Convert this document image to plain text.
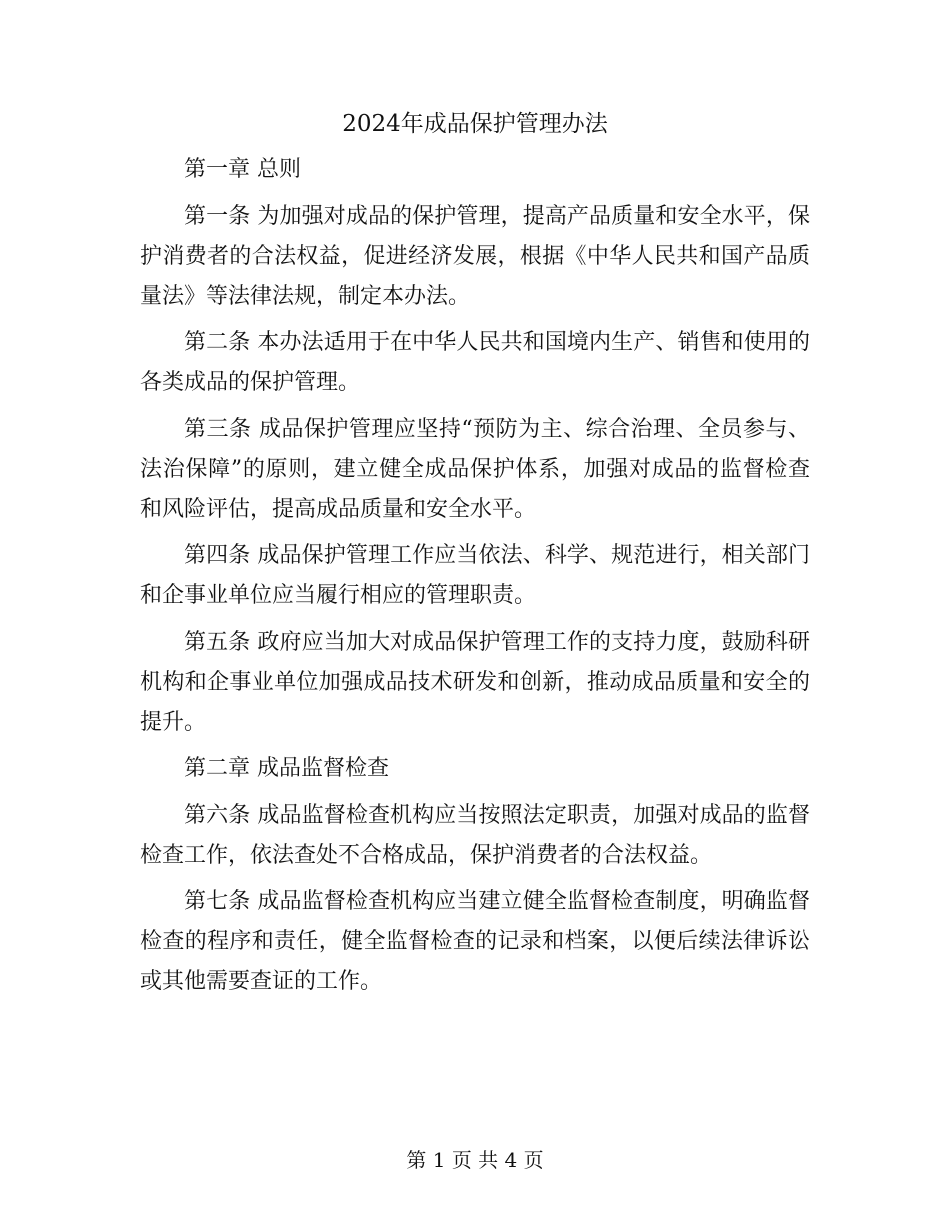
2024年成品保护管理办法

第一章 总则

第一条 为加强对成品的保护管理，提高产品质量和安全水平，保护消费者的合法权益，促进经济发展，根据《中华人民共和国产品质量法》等法律法规，制定本办法。

第二条 本办法适用于在中华人民共和国境内生产、销售和使用的各类成品的保护管理。

第三条 成品保护管理应坚持“预防为主、综合治理、全员参与、法治保障”的原则，建立健全成品保护体系，加强对成品的监督检查和风险评估，提高成品质量和安全水平。

第四条 成品保护管理工作应当依法、科学、规范进行，相关部门和企事业单位应当履行相应的管理职责。

第五条 政府应当加大对成品保护管理工作的支持力度，鼓励科研机构和企事业单位加强成品技术研发和创新，推动成品质量和安全的提升。

第二章 成品监督检查

第六条 成品监督检查机构应当按照法定职责，加强对成品的监督检查工作，依法查处不合格成品，保护消费者的合法权益。

第七条 成品监督检查机构应当建立健全监督检查制度，明确监督检查的程序和责任，健全监督检查的记录和档案，以便后续法律诉讼或其他需要查证的工作。

第 1 页 共 4 页
